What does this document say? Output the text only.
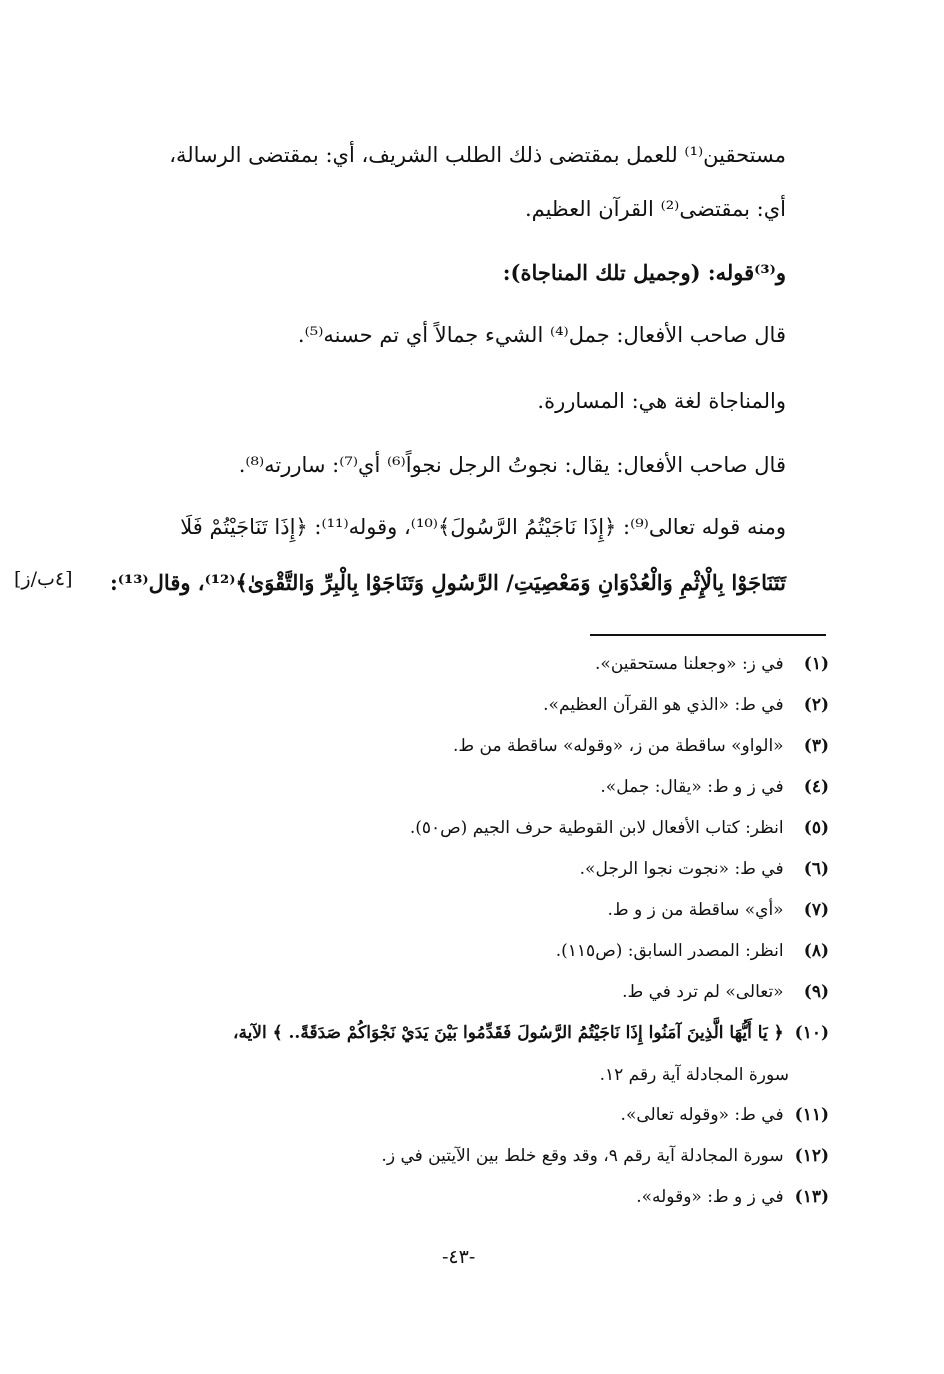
مستحقين⁽¹⁾ للعمل بمقتضى ذلك الطلب الشريف، أي: بمقتضى الرسالة،
أي: بمقتضى⁽²⁾ القرآن العظيم.
و⁽³⁾قوله: (وجميل تلك المناجاة):
قال صاحب الأفعال: جمل⁽⁴⁾ الشيء جمالاً أي تم حسنه⁽⁵⁾.
والمناجاة لغة هي: المساررة.
قال صاحب الأفعال: يقال: نجوتُ الرجل نجواً⁽⁶⁾ أي⁽⁷⁾: ساررته⁽⁸⁾.
ومنه قوله تعالى⁽⁹⁾: ﴿إِذَا نَاجَيْتُمُ الرَّسُولَ﴾⁽¹⁰⁾، وقوله⁽¹¹⁾: ﴿إِذَا تَنَاجَيْتُمْ فَلَا
تَتَنَاجَوْا بِالْإِثْمِ وَالْعُدْوَانِ وَمَعْصِيَتِ/ الرَّسُولِ وَتَنَاجَوْا بِالْبِرِّ وَالتَّقْوَىٰ﴾⁽¹²⁾، وقال⁽¹³⁾:
[٤ب/ز]
(١) في ز: «وجعلنا مستحقين».
(٢) في ط: «الذي هو القرآن العظيم».
(٣) «الواو» ساقطة من ز، «وقوله» ساقطة من ط.
(٤) في ز و ط: «يقال: جمل».
(٥) انظر: كتاب الأفعال لابن القوطية حرف الجيم (ص٥٠).
(٦) في ط: «نجوت نجوا الرجل».
(٧) «أي» ساقطة من ز و ط.
(٨) انظر: المصدر السابق: (ص١١٥).
(٩) «تعالى» لم ترد في ط.
(١٠) ﴿ يَا أَيُّهَا الَّذِينَ آمَنُوا إِذَا نَاجَيْتُمُ الرَّسُولَ فَقَدِّمُوا بَيْنَ يَدَيْ نَجْوَاكُمْ صَدَقَةً.. ﴾ الآية،
سورة المجادلة آية رقم ١٢.
(١١) في ط: «وقوله تعالى».
(١٢) سورة المجادلة آية رقم ٩، وقد وقع خلط بين الآيتين في ز.
(١٣) في ز و ط: «وقوله».
-٤٣-
